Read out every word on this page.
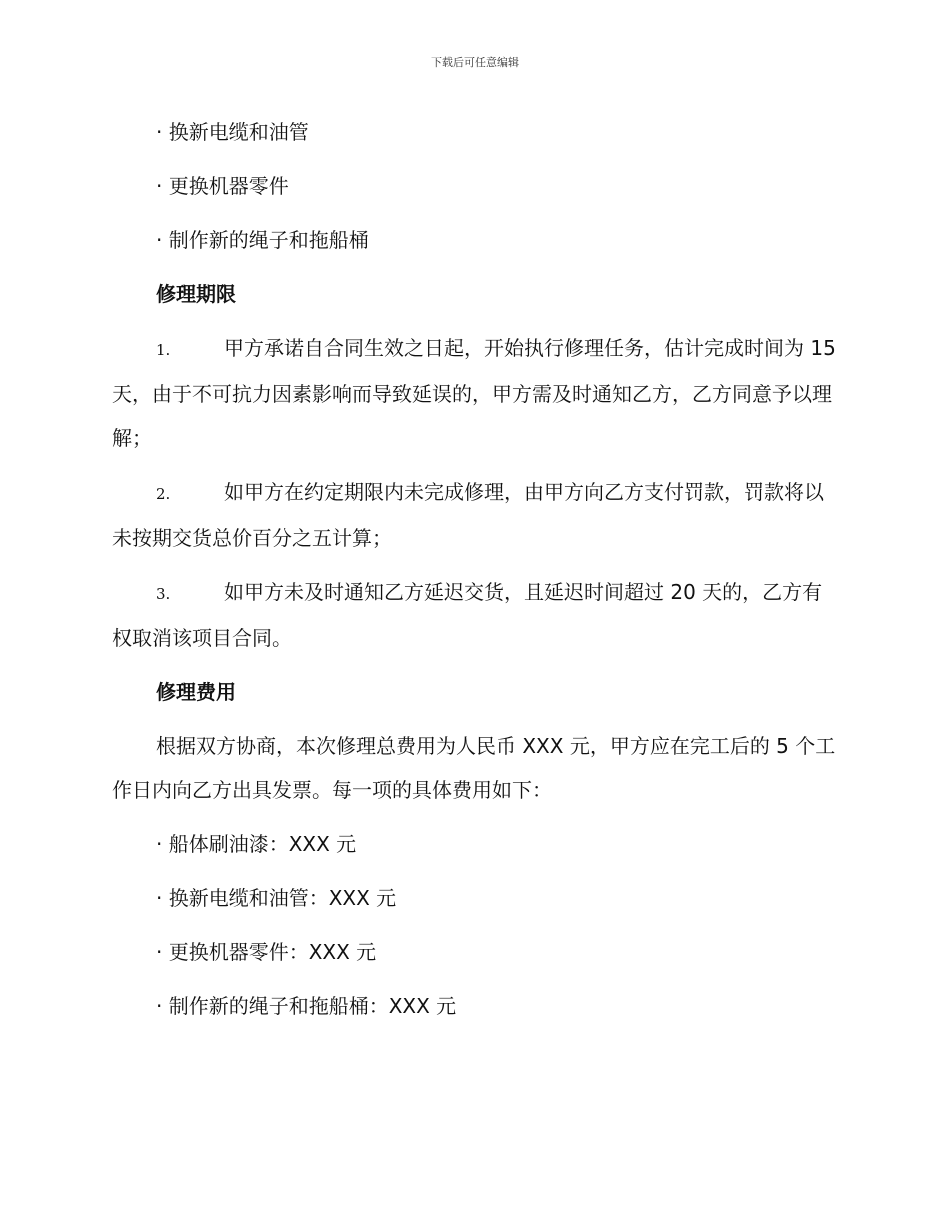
下载后可任意编辑
· 换新电缆和油管
· 更换机器零件
· 制作新的绳子和拖船桶
修理期限
1.	甲方承诺自合同生效之日起，开始执行修理任务，估计完成时间为 15 天，由于不可抗力因素影响而导致延误的，甲方需及时通知乙方，乙方同意予以理解；
2.	如甲方在约定期限内未完成修理，由甲方向乙方支付罚款，罚款将以未按期交货总价百分之五计算；
3.	如甲方未及时通知乙方延迟交货，且延迟时间超过 20 天的，乙方有权取消该项目合同。
修理费用
根据双方协商，本次修理总费用为人民币 XXX 元，甲方应在完工后的 5 个工作日内向乙方出具发票。每一项的具体费用如下：
· 船体刷油漆：XXX 元
· 换新电缆和油管：XXX 元
· 更换机器零件：XXX 元
· 制作新的绳子和拖船桶：XXX 元
